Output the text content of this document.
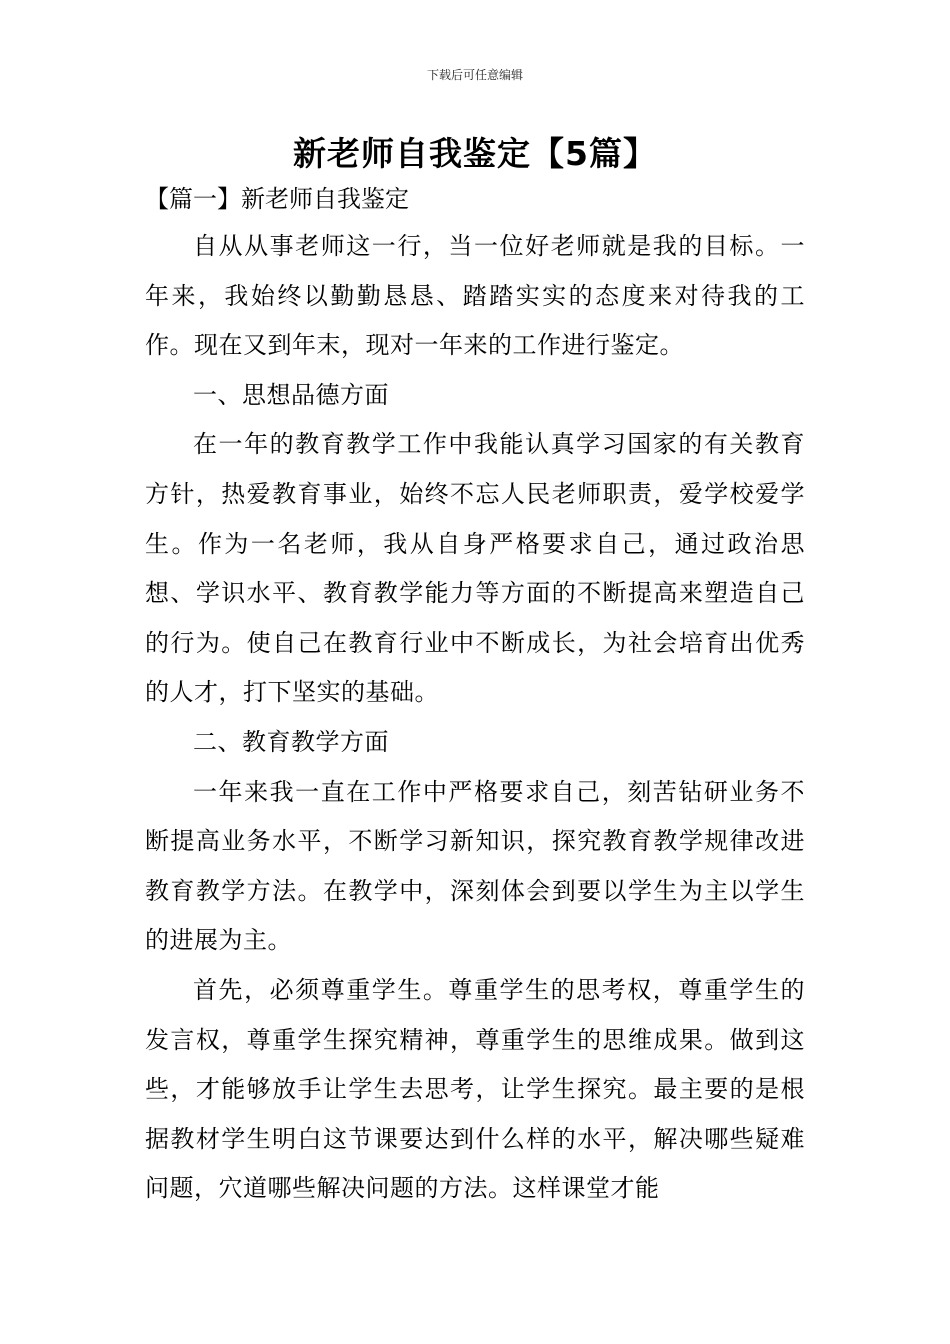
下载后可任意编辑
新老师自我鉴定【5篇】
【篇一】新老师自我鉴定

自从从事老师这一行，当一位好老师就是我的目标。一年来，我始终以勤勤恳恳、踏踏实实的态度来对待我的工作。现在又到年末，现对一年来的工作进行鉴定。

一、思想品德方面

在一年的教育教学工作中我能认真学习国家的有关教育方针，热爱教育事业，始终不忘人民老师职责，爱学校爱学生。作为一名老师，我从自身严格要求自己，通过政治思想、学识水平、教育教学能力等方面的不断提高来塑造自己的行为。使自己在教育行业中不断成长，为社会培育出优秀的人才，打下坚实的基础。

二、教育教学方面

一年来我一直在工作中严格要求自己，刻苦钻研业务不断提高业务水平，不断学习新知识，探究教育教学规律改进教育教学方法。在教学中，深刻体会到要以学生为主以学生的进展为主。

首先，必须尊重学生。尊重学生的思考权，尊重学生的发言权，尊重学生探究精神，尊重学生的思维成果。做到这些，才能够放手让学生去思考，让学生探究。最主要的是根据教材学生明白这节课要达到什么样的水平，解决哪些疑难问题，穴道哪些解决问题的方法。这样课堂才能
